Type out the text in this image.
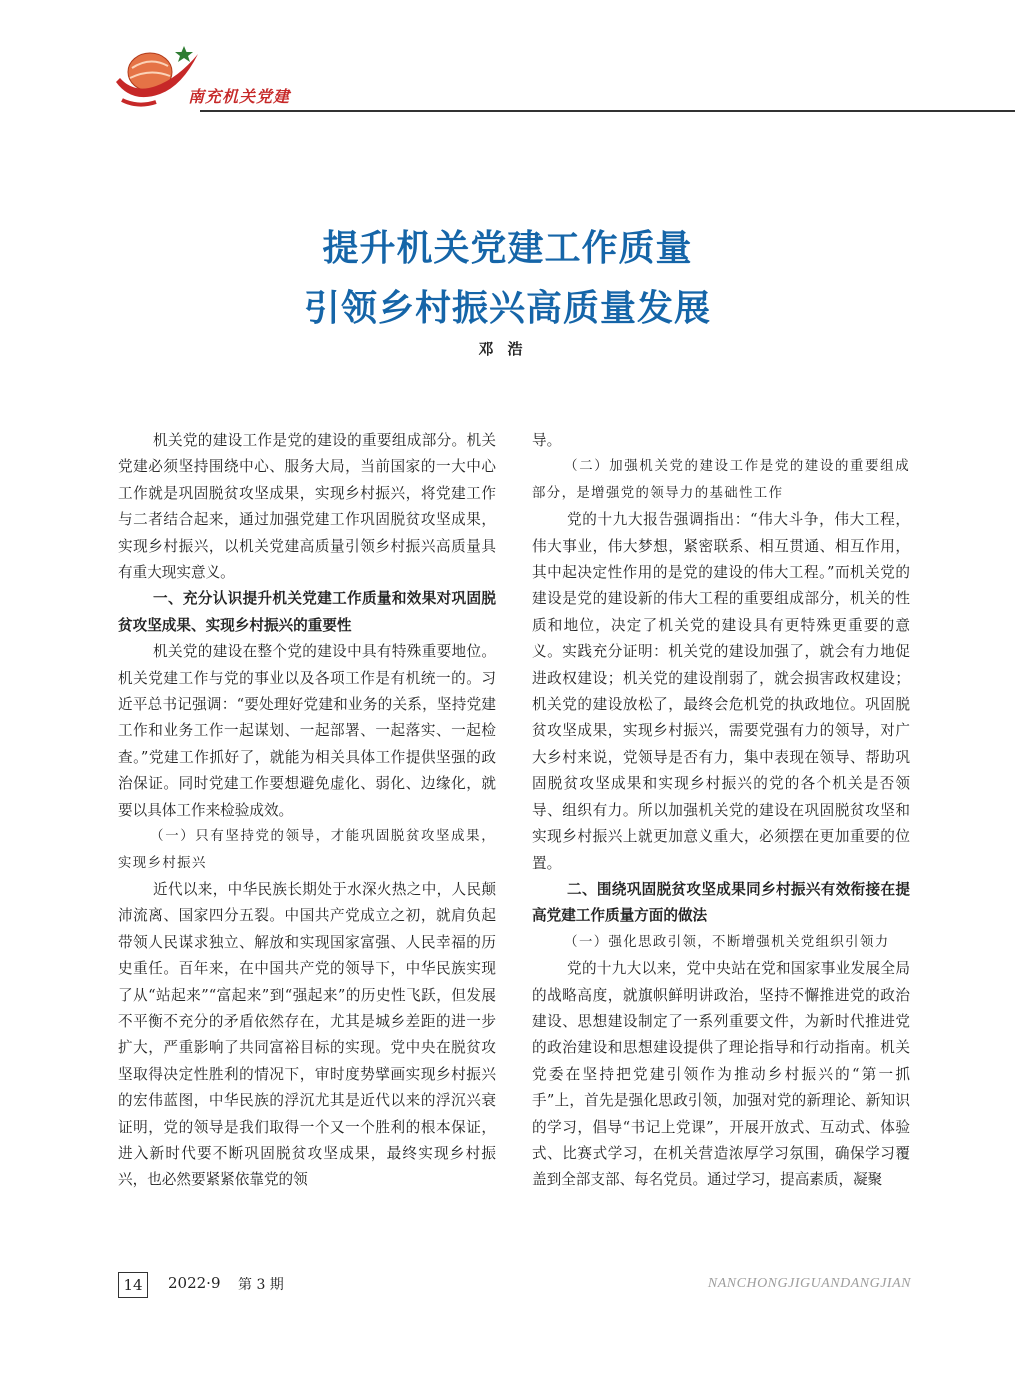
南充机关党建
提升机关党建工作质量
引领乡村振兴高质量发展
邓浩

机关党的建设工作是党的建设的重要组成部分。机关党建必须坚持围绕中心、服务大局，当前国家的一大中心工作就是巩固脱贫攻坚成果，实现乡村振兴，将党建工作与二者结合起来，通过加强党建工作巩固脱贫攻坚成果，实现乡村振兴，以机关党建高质量引领乡村振兴高质量具有重大现实意义。

一、充分认识提升机关党建工作质量和效果对巩固脱贫攻坚成果、实现乡村振兴的重要性

机关党的建设在整个党的建设中具有特殊重要地位。机关党建工作与党的事业以及各项工作是有机统一的。习近平总书记强调：“要处理好党建和业务的关系，坚持党建工作和业务工作一起谋划、一起部署、一起落实、一起检查。”党建工作抓好了，就能为相关具体工作提供坚强的政治保证。同时党建工作要想避免虚化、弱化、边缘化，就要以具体工作来检验成效。

（一）只有坚持党的领导，才能巩固脱贫攻坚成果，实现乡村振兴

近代以来，中华民族长期处于水深火热之中，人民颠沛流离、国家四分五裂。中国共产党成立之初，就肩负起带领人民谋求独立、解放和实现国家富强、人民幸福的历史重任。百年来，在中国共产党的领导下，中华民族实现了从“站起来”“富起来”到“强起来”的历史性飞跃，但发展不平衡不充分的矛盾依然存在，尤其是城乡差距的进一步扩大，严重影响了共同富裕目标的实现。党中央在脱贫攻坚取得决定性胜利的情况下，审时度势擘画实现乡村振兴的宏伟蓝图，中华民族的浮沉尤其是近代以来的浮沉兴衰证明，党的领导是我们取得一个又一个胜利的根本保证，进入新时代要不断巩固脱贫攻坚成果，最终实现乡村振兴，也必然要紧紧依靠党的领

导。

（二）加强机关党的建设工作是党的建设的重要组成部分，是增强党的领导力的基础性工作

党的十九大报告强调指出：“伟大斗争，伟大工程，伟大事业，伟大梦想，紧密联系、相互贯通、相互作用，其中起决定性作用的是党的建设的伟大工程。”而机关党的建设是党的建设新的伟大工程的重要组成部分，机关的性质和地位，决定了机关党的建设具有更特殊更重要的意义。实践充分证明：机关党的建设加强了，就会有力地促进政权建设；机关党的建设削弱了，就会损害政权建设；机关党的建设放松了，最终会危机党的执政地位。巩固脱贫攻坚成果，实现乡村振兴，需要党强有力的领导，对广大乡村来说，党领导是否有力，集中表现在领导、帮助巩固脱贫攻坚成果和实现乡村振兴的党的各个机关是否领导、组织有力。所以加强机关党的建设在巩固脱贫攻坚和实现乡村振兴上就更加意义重大，必须摆在更加重要的位置。

二、围绕巩固脱贫攻坚成果同乡村振兴有效衔接在提高党建工作质量方面的做法
（一）强化思政引领，不断增强机关党组织引领力

党的十九大以来，党中央站在党和国家事业发展全局的战略高度，就旗帜鲜明讲政治，坚持不懈推进党的政治建设、思想建设制定了一系列重要文件，为新时代推进党的政治建设和思想建设提供了理论指导和行动指南。机关党委在坚持把党建引领作为推动乡村振兴的“第一抓手”上，首先是强化思政引领，加强对党的新理论、新知识的学习，倡导“书记上党课”，开展开放式、互动式、体验式、比赛式学习，在机关营造浓厚学习氛围，确保学习覆盖到全部支部、每名党员。通过学习，提高素质，凝聚

14	2022·9 第 3 期	NANCHONGJIGUANDANGJIAN
